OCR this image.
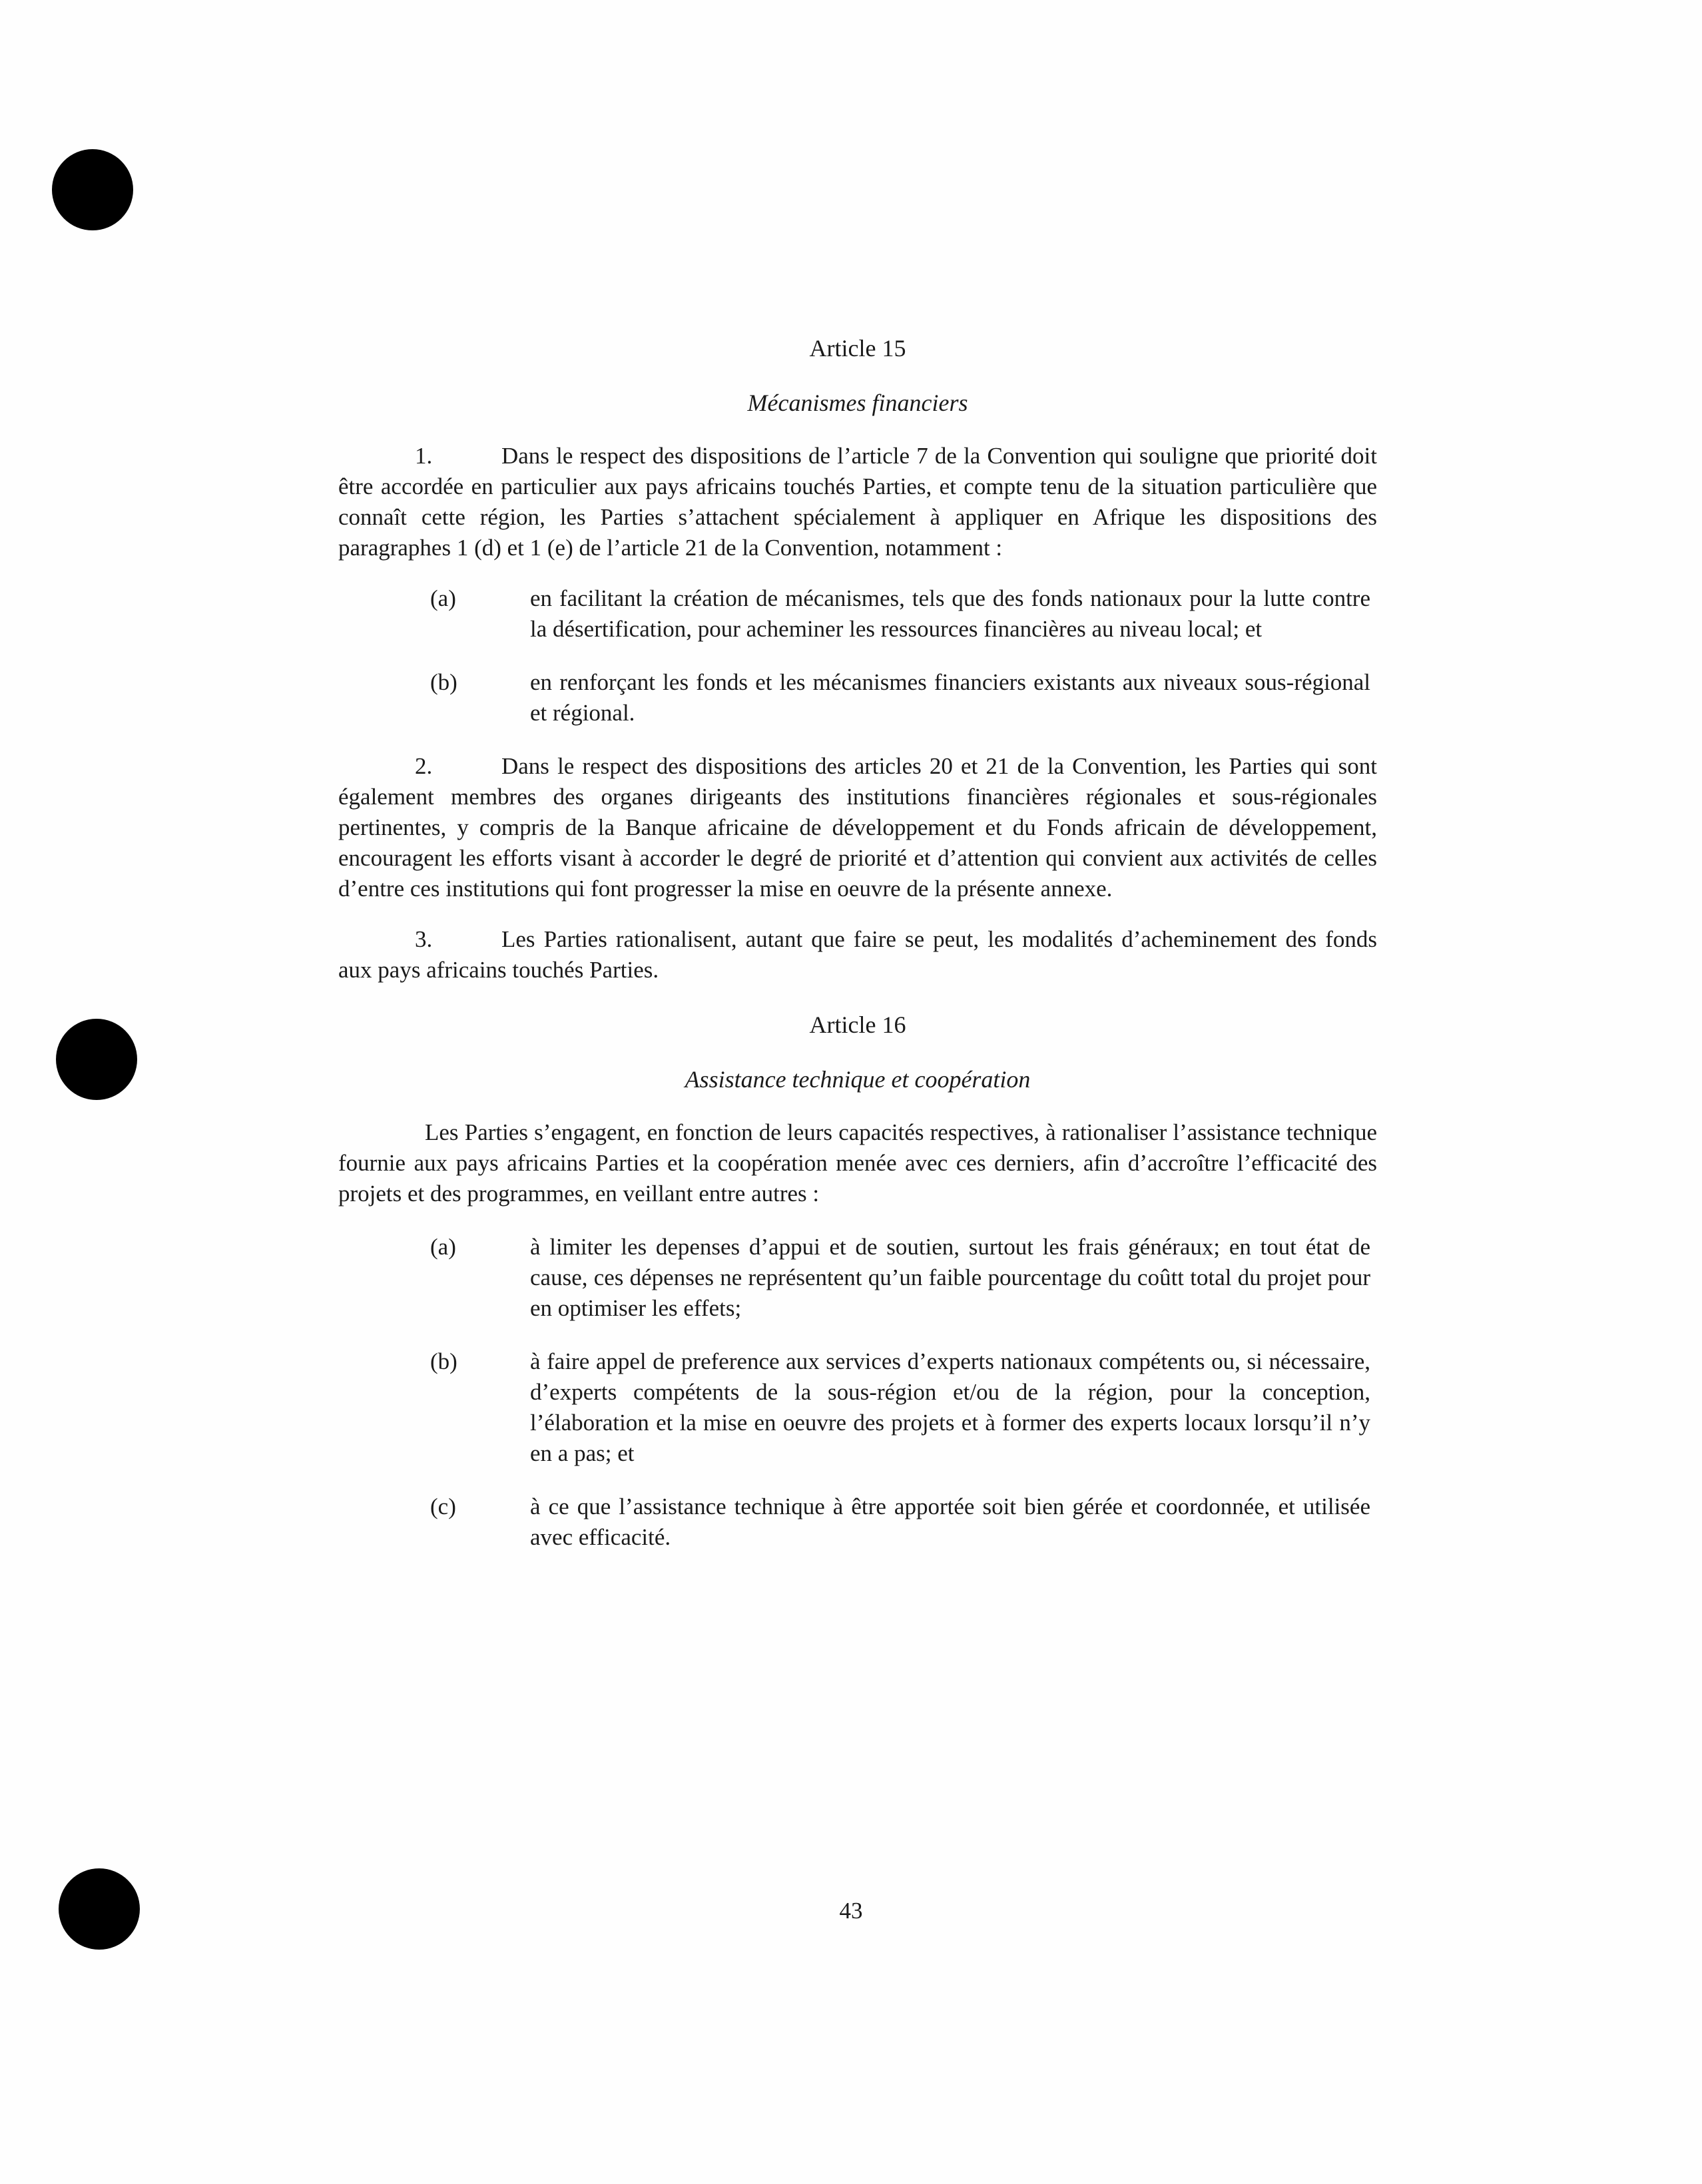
Article 15

Mécanismes financiers

1.	Dans le respect des dispositions de l’article 7 de la Convention qui souligne que priorité doit être accordée en particulier aux pays africains touchés Parties, et compte tenu de la situation particulière que connaît cette région, les Parties s’attachent spécialement à appliquer en Afrique les dispositions des paragraphes 1 (d) et 1 (e) de l’article 21 de la Convention, notamment :

(a)	en facilitant la création de mécanismes, tels que des fonds nationaux pour la lutte contre la désertification, pour acheminer les ressources financières au niveau local; et
(b)	en renforçant les fonds et les mécanismes financiers existants aux niveaux sous-régional et régional.

2.	Dans le respect des dispositions des articles 20 et 21 de la Convention, les Parties qui sont également membres des organes dirigeants des institutions financières régionales et sous-régionales pertinentes, y compris de la Banque africaine de développement et du Fonds africain de développement, encouragent les efforts visant à accorder le degré de priorité et d’attention qui convient aux activités de celles d’entre ces institutions qui font progresser la mise en oeuvre de la présente annexe.

3.	Les Parties rationalisent, autant que faire se peut, les modalités d’acheminement des fonds aux pays africains touchés Parties.

Article 16

Assistance technique et coopération

Les Parties s’engagent, en fonction de leurs capacités respectives, à rationaliser l’assistance technique fournie aux pays africains Parties et la coopération menée avec ces derniers, afin d’accroître l’efficacité des projets et des programmes, en veillant entre autres :

(a)	à limiter les depenses d’appui et de soutien, surtout les frais généraux; en tout état de cause, ces dépenses ne représentent qu’un faible pourcentage du coûtt total du projet pour en optimiser les effets;
(b)	à faire appel de preference aux services d’experts nationaux compétents ou, si nécessaire, d’experts compétents de la sous-région et/ou de la région, pour la conception, l’élaboration et la mise en oeuvre des projets et à former des experts locaux lorsqu’il n’y en a pas; et
(c)	à ce que l’assistance technique à être apportée soit bien gérée et coordonnée, et utilisée avec efficacité.
43
